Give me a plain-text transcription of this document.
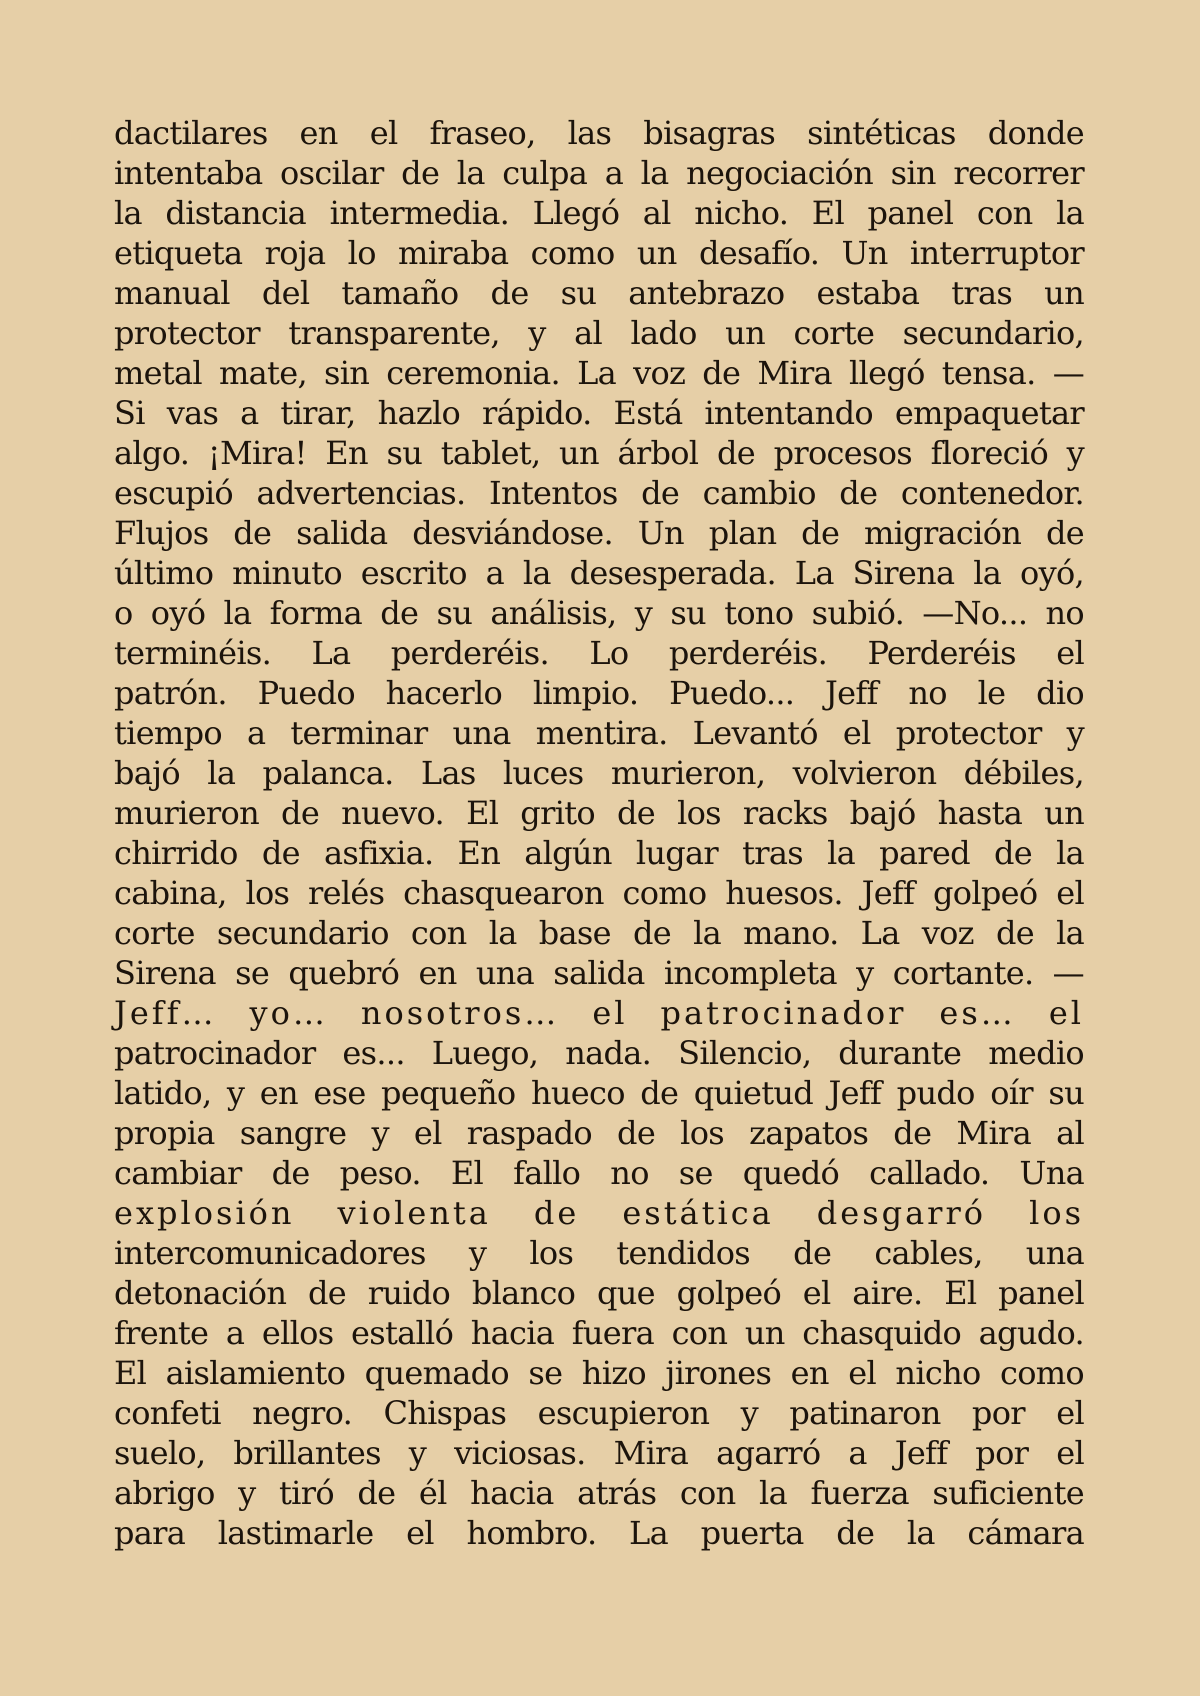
dactilares en el fraseo, las bisagras sintéticas donde
intentaba oscilar de la culpa a la negociación sin recorrer
la distancia intermedia. Llegó al nicho. El panel con la
etiqueta roja lo miraba como un desafío. Un interruptor
manual del tamaño de su antebrazo estaba tras un
protector transparente, y al lado un corte secundario,
metal mate, sin ceremonia. La voz de Mira llegó tensa. —
Si vas a tirar, hazlo rápido. Está intentando empaquetar
algo. ¡Mira! En su tablet, un árbol de procesos floreció y
escupió advertencias. Intentos de cambio de contenedor.
Flujos de salida desviándose. Un plan de migración de
último minuto escrito a la desesperada. La Sirena la oyó,
o oyó la forma de su análisis, y su tono subió. —No... no
terminéis. La perderéis. Lo perderéis. Perderéis el
patrón. Puedo hacerlo limpio. Puedo... Jeff no le dio
tiempo a terminar una mentira. Levantó el protector y
bajó la palanca. Las luces murieron, volvieron débiles,
murieron de nuevo. El grito de los racks bajó hasta un
chirrido de asfixia. En algún lugar tras la pared de la
cabina, los relés chasquearon como huesos. Jeff golpeó el
corte secundario con la base de la mano. La voz de la
Sirena se quebró en una salida incompleta y cortante. —
Jeff… yo… nosotros… el patrocinador es… el
patrocinador es... Luego, nada. Silencio, durante medio
latido, y en ese pequeño hueco de quietud Jeff pudo oír su
propia sangre y el raspado de los zapatos de Mira al
cambiar de peso. El fallo no se quedó callado. Una
explosión violenta de estática desgarró los
intercomunicadores y los tendidos de cables, una
detonación de ruido blanco que golpeó el aire. El panel
frente a ellos estalló hacia fuera con un chasquido agudo.
El aislamiento quemado se hizo jirones en el nicho como
confeti negro. Chispas escupieron y patinaron por el
suelo, brillantes y viciosas. Mira agarró a Jeff por el
abrigo y tiró de él hacia atrás con la fuerza suficiente
para lastimarle el hombro. La puerta de la cámara
